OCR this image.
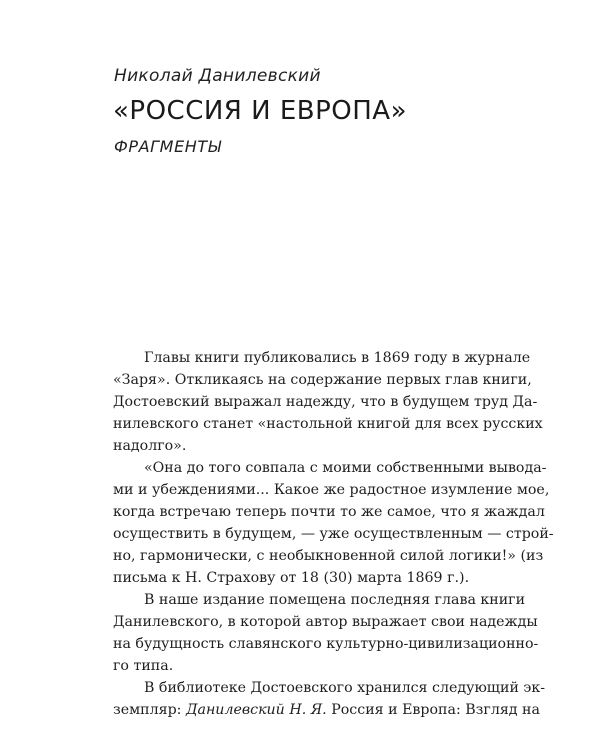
Николай Данилевский
«РОССИЯ И ЕВРОПА»
ФРАГМЕНТЫ
Главы книги публиковались в 1869 году в журнале
«Заря». Откликаясь на содержание первых глав книги,
Достоевский выражал надежду, что в будущем труд Да-
нилевского станет «настольной книгой для всех русских
надолго».
«Она до того совпала с моими собственными вывода-
ми и убеждениями... Какое же радостное изумление мое,
когда встречаю теперь почти то же самое, что я жаждал
осуществить в будущем, — уже осуществленным — строй-
но, гармонически, с необыкновенной силой логики!» (из
письма к Н. Страхову от 18 (30) марта 1869 г.).
В наше издание помещена последняя глава книги
Данилевского, в которой автор выражает свои надежды
на будущность славянского культурно-цивилизационно-
го типа.
В библиотеке Достоевского хранился следующий эк-
земпляр: Данилевский Н. Я. Россия и Европа: Взгляд на
